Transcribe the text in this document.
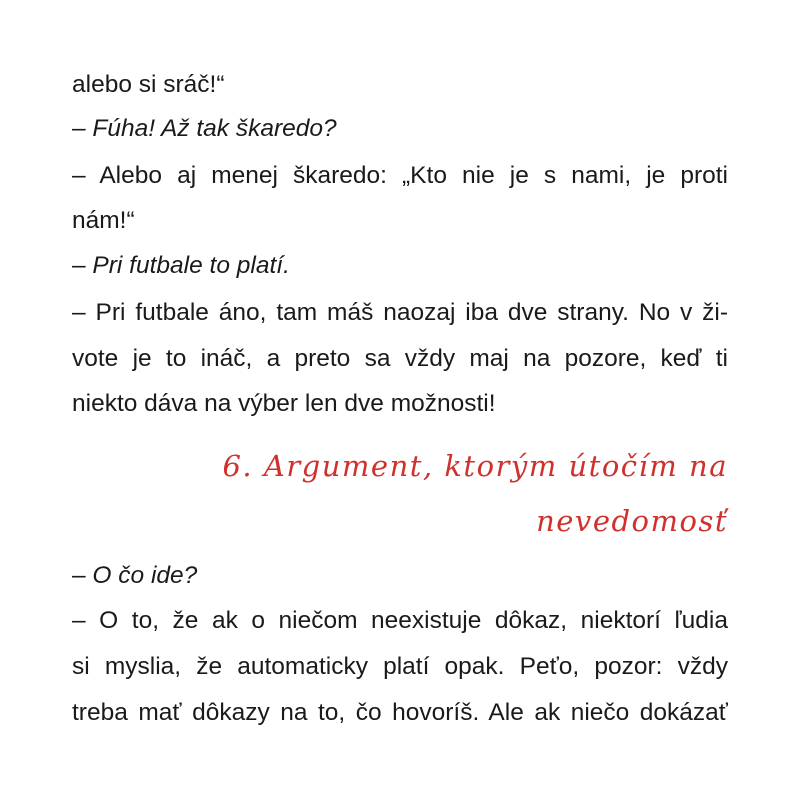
alebo si sráč!“
– Fúha! Až tak škaredo?
– Alebo aj menej škaredo: „Kto nie je s nami, je proti
nám!“
– Pri futbale to platí.
– Pri futbale áno, tam máš naozaj iba dve strany. No v ži-
vote je to ináč, a preto sa vždy maj na pozore, keď ti
niekto dáva na výber len dve možnosti!
6. Argument, ktorým útočím na
nevedomosť
– O čo ide?
– O to, že ak o niečom neexistuje dôkaz, niektorí ľudia
si myslia, že automaticky platí opak. Peťo, pozor: vždy
treba mať dôkazy na to, čo hovoríš. Ale ak niečo dokázať
